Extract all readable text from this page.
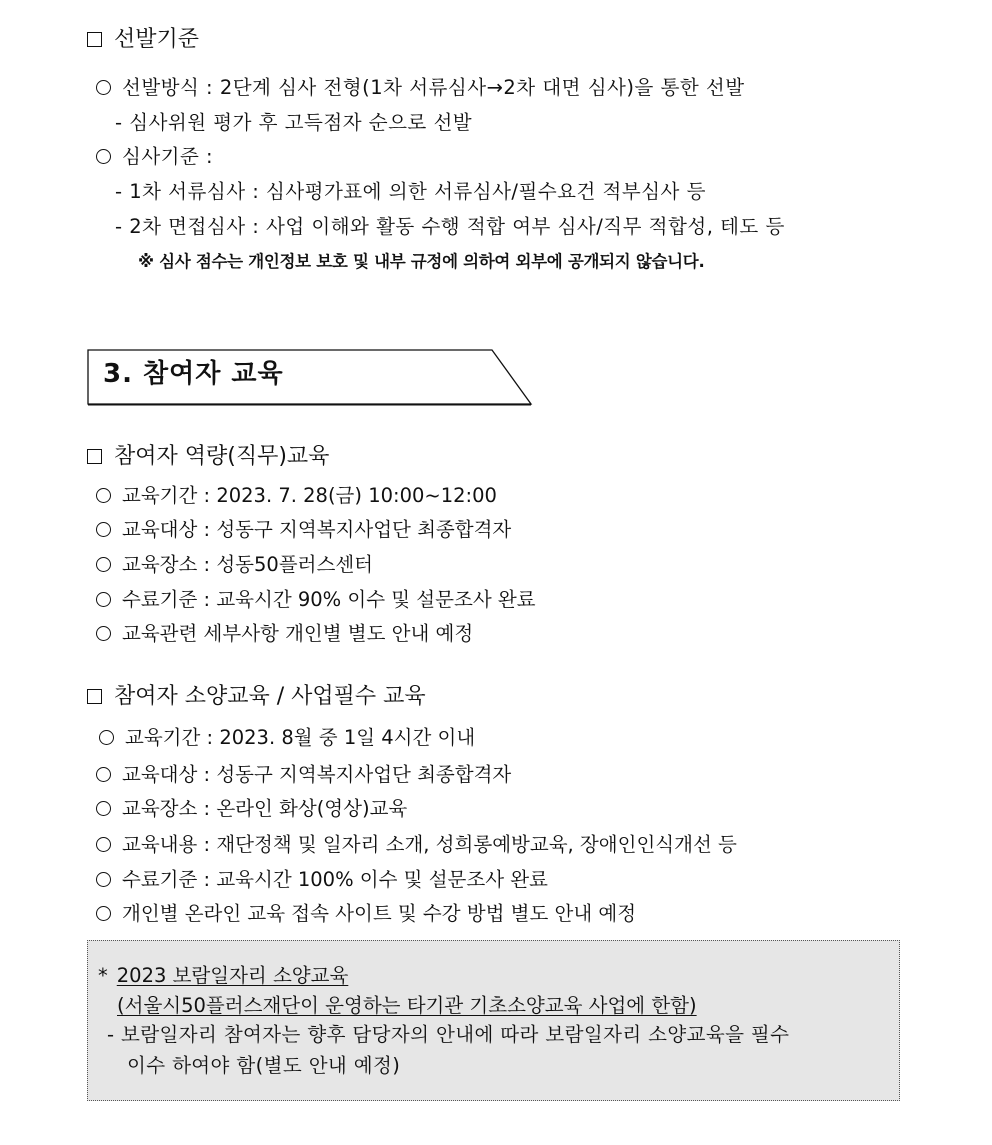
선발기준
선발방식 : 2단계 심사 전형(1차 서류심사→2차 대면 심사)을 통한 선발
- 심사위원 평가 후 고득점자 순으로 선발
심사기준 :
- 1차 서류심사 : 심사평가표에 의한 서류심사/필수요건 적부심사 등
- 2차 면접심사 : 사업 이해와 활동 수행 적합 여부 심사/직무 적합성, 테도 등
※ 심사 점수는 개인정보 보호 및 내부 규정에 의하여 외부에 공개되지 않습니다.
3. 참여자 교육
참여자 역량(직무)교육
교육기간 : 2023. 7. 28(금) 10:00~12:00
교육대상 : 성동구 지역복지사업단 최종합격자
교육장소 : 성동50플러스센터
수료기준 : 교육시간 90% 이수 및 설문조사 완료
교육관련 세부사항 개인별 별도 안내 예정
참여자 소양교육 / 사업필수 교육
교육기간 : 2023. 8월 중 1일 4시간 이내
교육대상 : 성동구 지역복지사업단 최종합격자
교육장소 : 온라인 화상(영상)교육
교육내용 : 재단정책 및 일자리 소개, 성희롱예방교육, 장애인인식개선 등
수료기준 : 교육시간 100% 이수 및 설문조사 완료
개인별 온라인 교육 접속 사이트 및 수강 방법 별도 안내 예정
* 2023 보람일자리 소양교육
(서울시50플러스재단이 운영하는 타기관 기초소양교육 사업에 한함)
- 보람일자리 참여자는 향후 담당자의 안내에 따라 보람일자리 소양교육을 필수
이수 하여야 함(별도 안내 예정)
